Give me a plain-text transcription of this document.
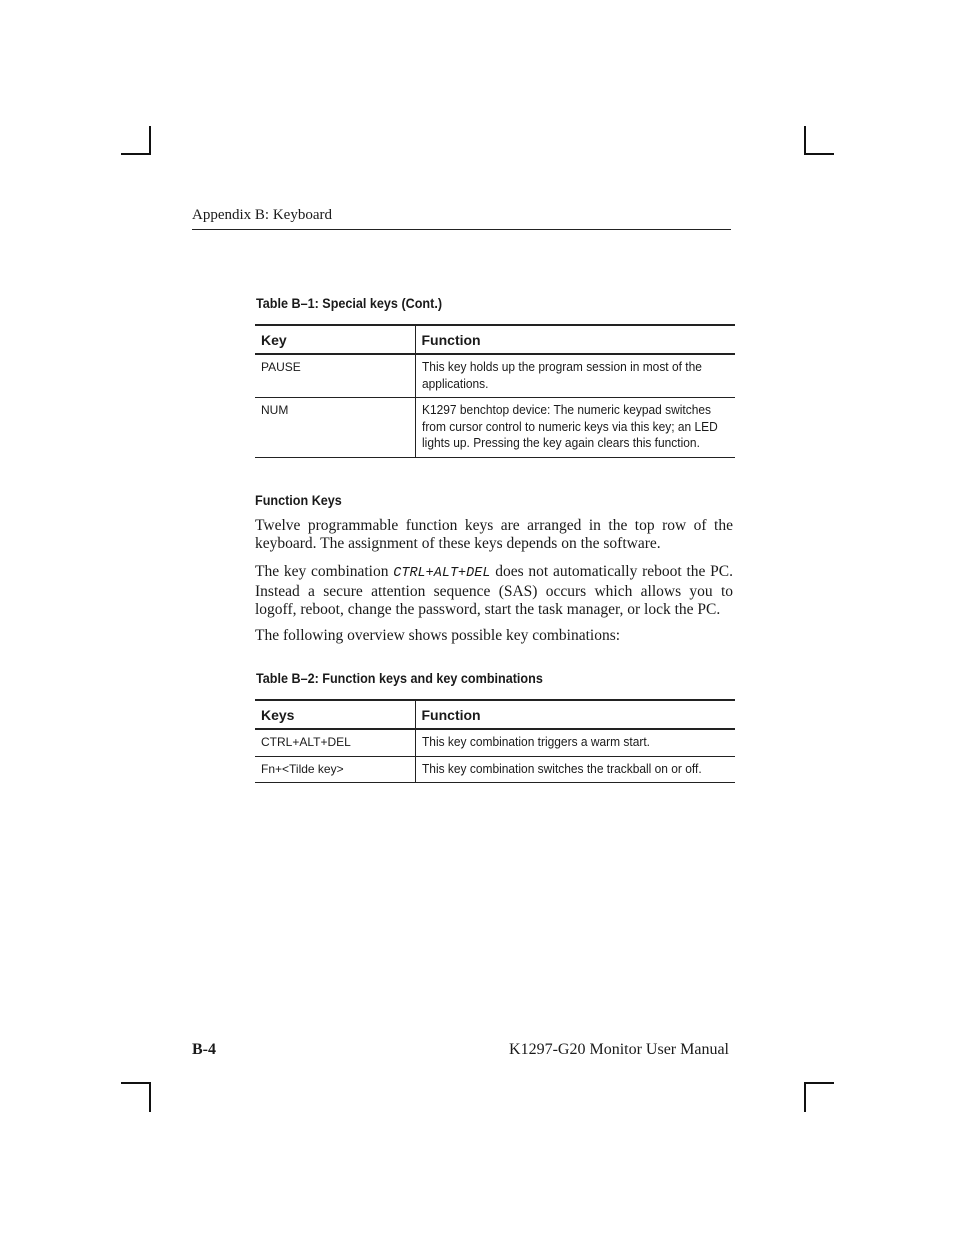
Appendix B: Keyboard
Table B–1: Special keys (Cont.)
Key	Function
PAUSE	This key holds up the program session in most of the applications.
NUM	K1297 benchtop device: The numeric keypad switches from cursor control to numeric keys via this key; an LED lights up. Pressing the key again clears this function.
Function Keys

Twelve programmable function keys are arranged in the top row of the keyboard. The assignment of these keys depends on the software.

The key combination CTRL+ALT+DEL does not automatically reboot the PC. Instead a secure attention sequence (SAS) occurs which allows you to logoff, reboot, change the password, start the task manager, or lock the PC.

The following overview shows possible key combinations:

Table B–2: Function keys and key combinations
Keys	Function
CTRL+ALT+DEL	This key combination triggers a warm start.
Fn+<Tilde key>	This key combination switches the trackball on or off.
B-4	K1297-G20 Monitor User Manual
